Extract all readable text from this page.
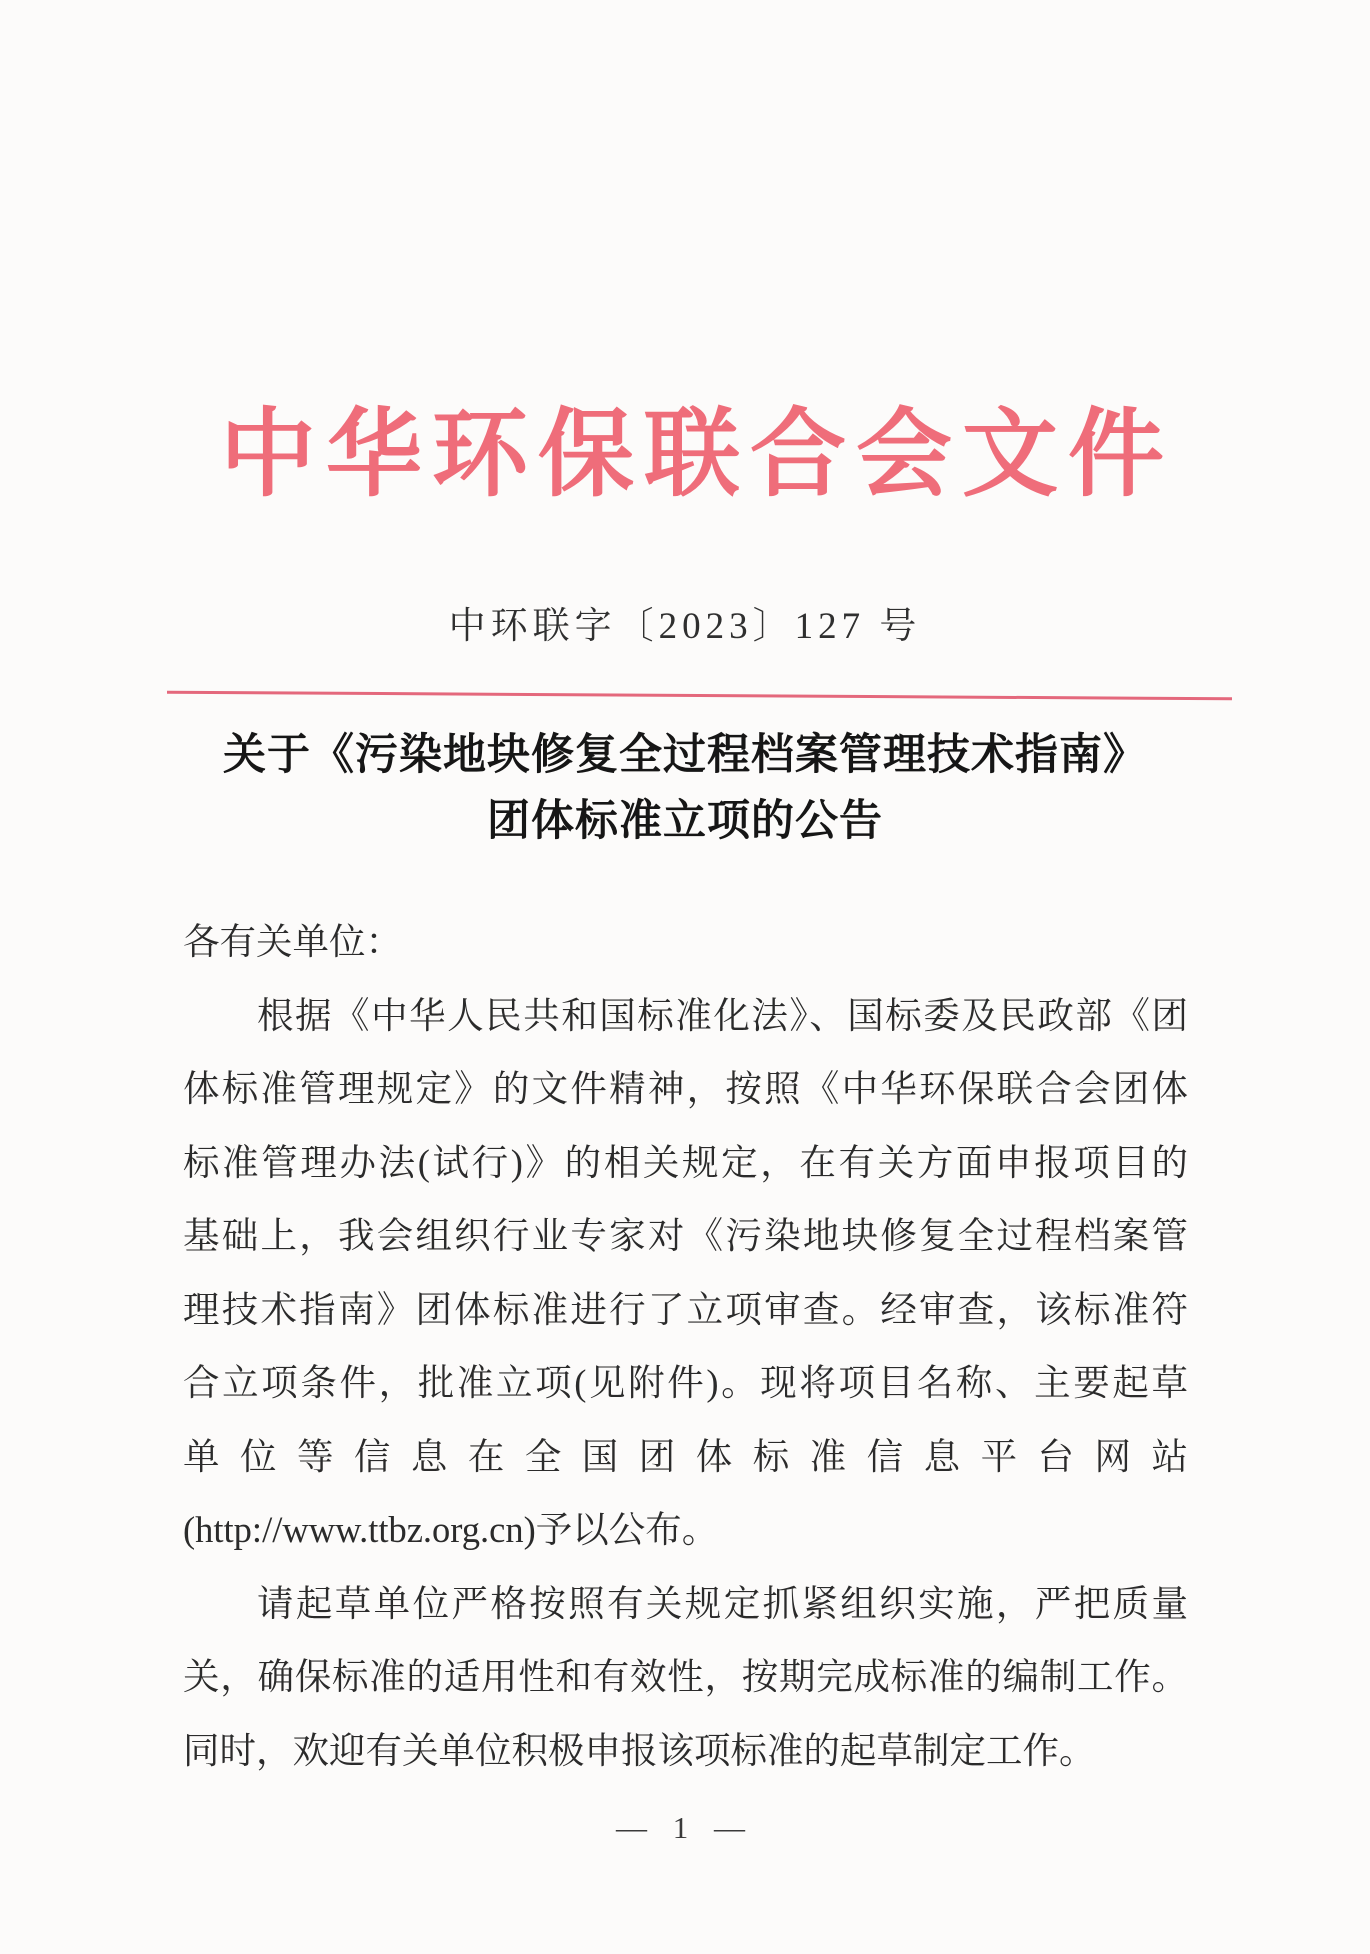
中华环保联合会文件
中环联字〔2023〕127 号
关于《污染地块修复全过程档案管理技术指南》
团体标准立项的公告
各有关单位：
根据《中华人民共和国标准化法》、国标委及民政部《团
体标准管理规定》的文件精神，按照《中华环保联合会团体
标准管理办法(试行)》的相关规定，在有关方面申报项目的
基础上，我会组织行业专家对《污染地块修复全过程档案管
理技术指南》团体标准进行了立项审查。经审查，该标准符
合立项条件，批准立项(见附件)。现将项目名称、主要起草
单位等信息在全国团体标准信息平台网站
(http://www.ttbz.org.cn)予以公布。
请起草单位严格按照有关规定抓紧组织实施，严把质量
关，确保标准的适用性和有效性，按期完成标准的编制工作。
同时，欢迎有关单位积极申报该项标准的起草制定工作。
— 1 —
